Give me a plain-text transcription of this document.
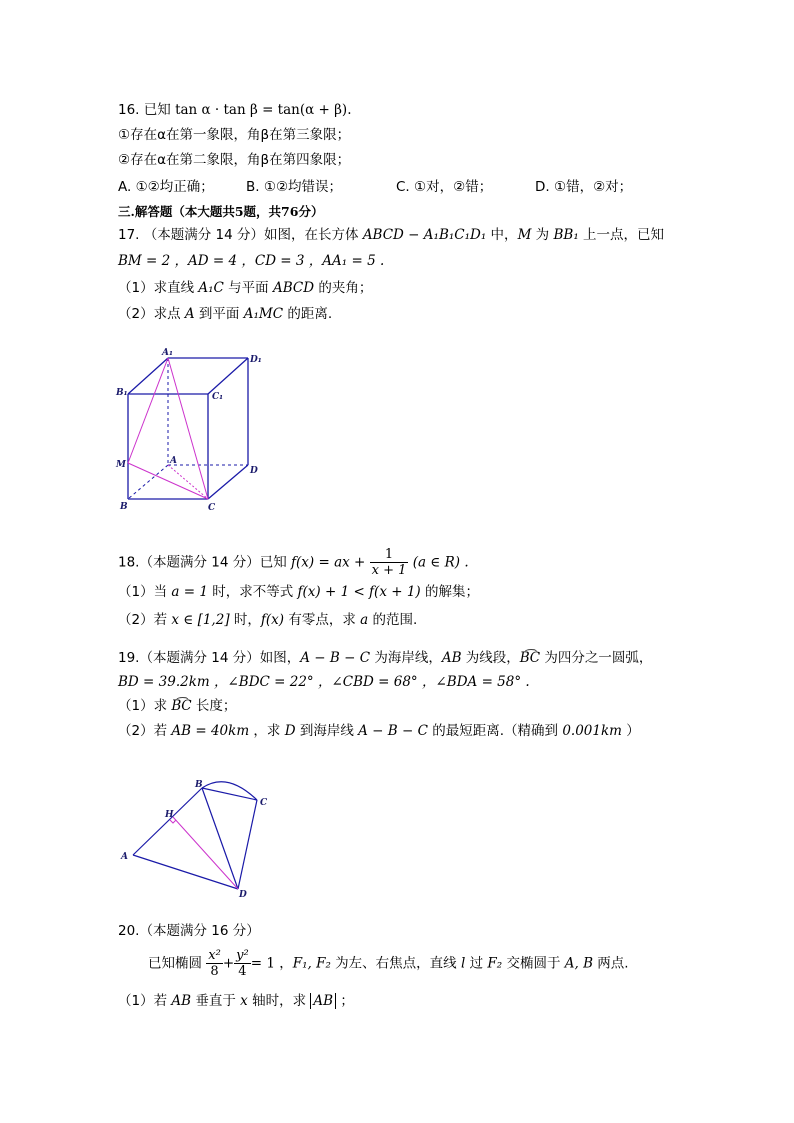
16. 已知 tan α · tan β = tan(α + β).
①存在α在第一象限，角β在第三象限；
②存在α在第二象限，角β在第四象限；
A. ①②均正确； B. ①②均错误；	C. ①对，②错；	D. ①错，②对；
三.解答题（本大题共5题，共76分）
17. （本题满分 14 分）如图，在长方体 ABCD − A₁B₁C₁D₁ 中，M 为 BB₁ 上一点，已知
BM = 2 ，AD = 4 ，CD = 3 ，AA₁ = 5 .
（1）求直线 A₁C 与平面 ABCD 的夹角；
（2）求点 A 到平面 A₁MC 的距离.
A₁
D₁
B₁	C₁
M	A
D
B	C
18.（本题满分 14 分）已知 f(x) = ax + $\frac{1}{x + 1} (a$ ∈ R) .
（1）当 a = 1 时，求不等式 f(x) + 1 < f(x + 1) 的解集；
（2）若 x ∈ [1,2] 时，f(x) 有零点，求 a 的范围.
19.（本题满分 14 分）如图，A − B − C 为海岸线，AB 为线段，B͡C 为四分之一圆弧，
BD = 39.2km ，∠BDC = 22° ，∠CBD = 68° ，∠BDA = 58° .
（1）求 B͡C 长度；
（2）若 AB = 40km ，求 D 到海岸线 A − B − C 的最短距离.（精确到 0.001km ）
A
B
C
D
H
20.（本题满分 16 分）
已知椭圆 $\frac{\text{x²}}{8} + \frac{\text{y²}}{4} = 1$ ，F₁, F₂ 为左、右焦点，直线 l 过 F₂ 交椭圆于 A, B 两点.
（1）若 AB 垂直于 x 轴时，求 AB ；
